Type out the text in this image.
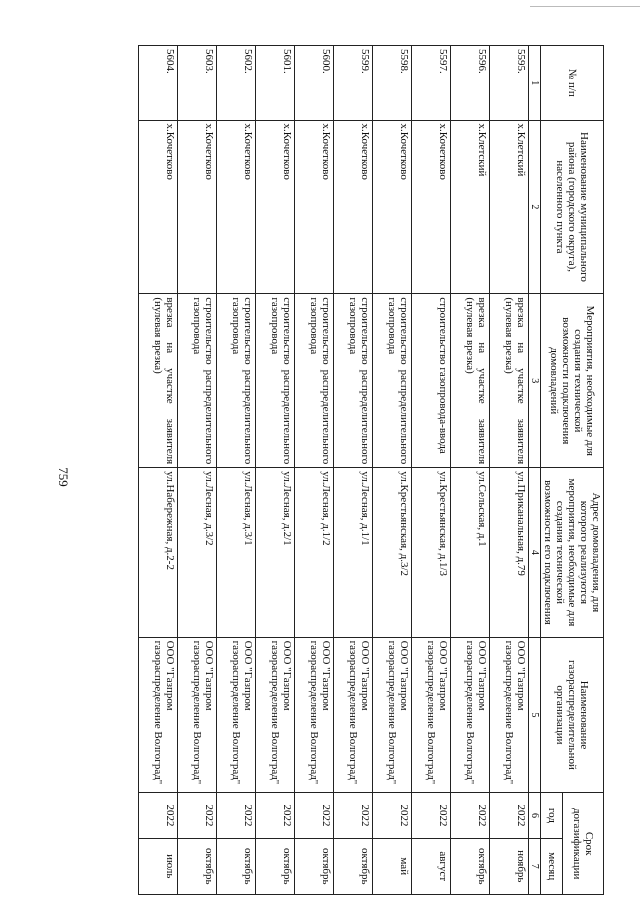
759
№ п/п	Наименование муниципального района (городского округа), населенного пункта	Мероприятия, необходимые для создания технической возможности подключения домовладений	Адрес домовладения, для которого реализуются мероприятия, необходимые для создания технической возможности его подключения	Наименование газораспределительной организации	Срок догазификации	
					год	месяц
1	2	3	4	5	6	7
5595.	х.Клетский	врезка на участке заявителя (нулевая врезка)	ул.Приканальная, д.79	ООО "Газпром газораспределение Волгоград"	2022	ноябрь
5596.	х.Клетский	врезка на участке заявителя (нулевая врезка)	ул.Сельская, д.1	ООО "Газпром газораспределение Волгоград"	2022	октябрь
5597.	х.Кочетково	строительство газопровода-ввода	ул.Крестьянская, д.1/3	ООО "Газпром газораспределение Волгоград"	2022	август
5598.	х.Кочетково	строительство распределительного газопровода	ул.Крестьянская, д.3/2	ООО "Газпром газораспределение Волгоград"	2022	май
5599.	х.Кочетково	строительство распределительного газопровода	ул.Лесная, д.1/1	ООО "Газпром газораспределение Волгоград"	2022	октябрь
5600.	х.Кочетково	строительство распределительного газопровода	ул.Лесная, д.1/2	ООО "Газпром газораспределение Волгоград"	2022	октябрь
5601.	х.Кочетково	строительство распределительного газопровода	ул.Лесная, д.2/1	ООО "Газпром газораспределение Волгоград"	2022	октябрь
5602.	х.Кочетково	строительство распределительного газопровода	ул.Лесная, д.3/1	ООО "Газпром газораспределение Волгоград"	2022	октябрь
5603.	х.Кочетково	строительство распределительного газопровода	ул.Лесная, д.3/2	ООО "Газпром газораспределение Волгоград"	2022	октябрь
5604.	х.Кочетково	врезка на участке заявителя (нулевая врезка)	ул.Набережная, д.2-2	ООО "Газпром газораспределение Волгоград"	2022	июль
